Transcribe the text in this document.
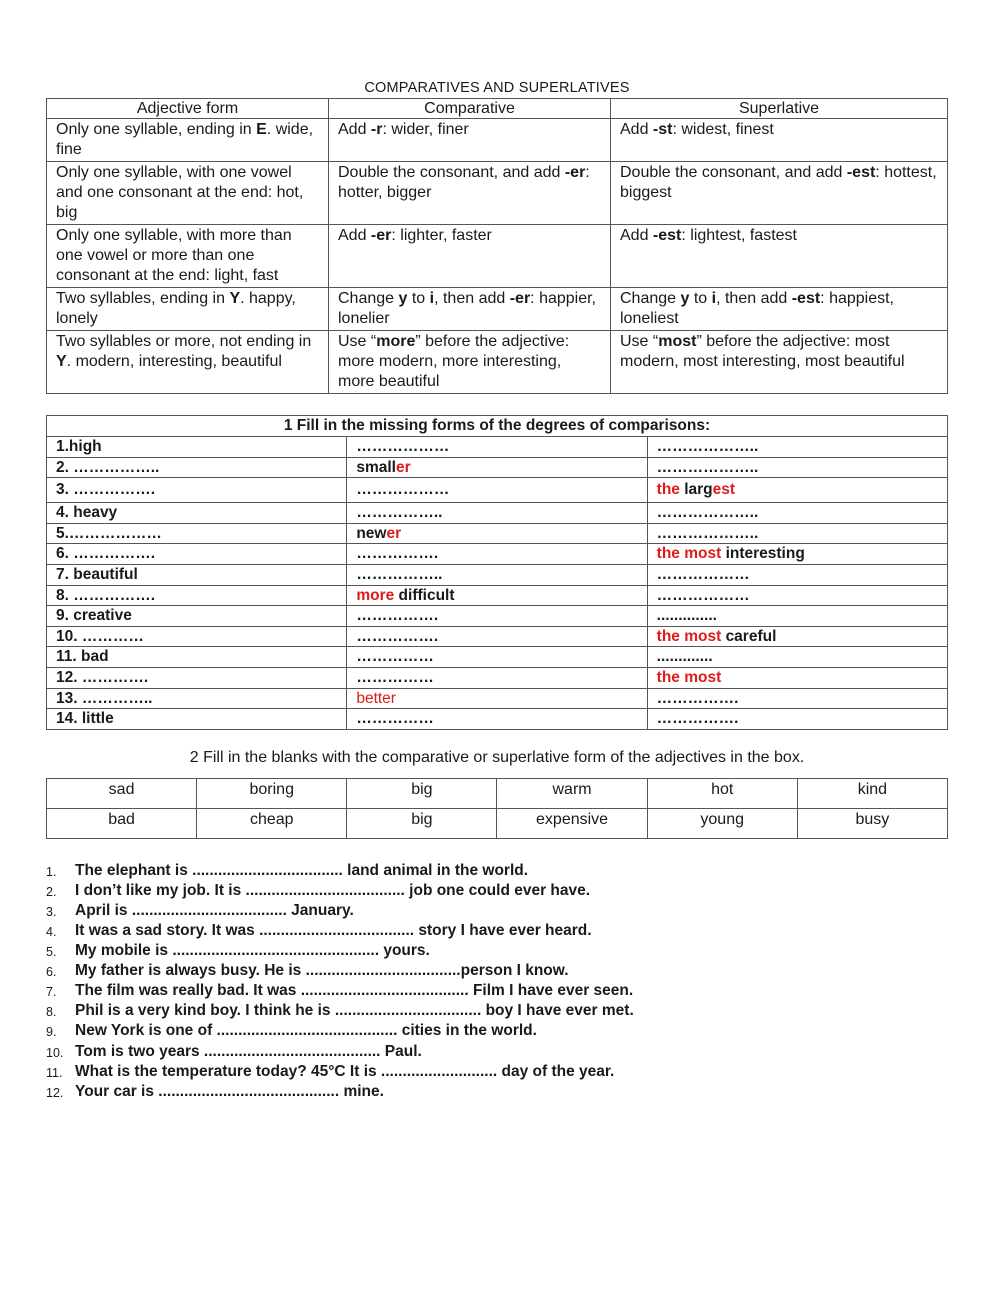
COMPARATIVES AND SUPERLATIVES
Adjective form	Comparative	Superlative
Only one syllable, ending in E. wide, fine	Add -r: wider, finer	Add -st: widest, finest
Only one syllable, with one vowel and one consonant at the end: hot, big	Double the consonant, and add -er: hotter, bigger	Double the consonant, and add -est: hottest, biggest
Only one syllable, with more than one vowel or more than one consonant at the end: light, fast	Add -er: lighter, faster	Add -est: lightest, fastest
Two syllables, ending in Y. happy, lonely	Change y to i, then add -er: happier, lonelier	Change y to i, then add -est: happiest, loneliest
Two syllables or more, not ending in Y. modern, interesting, beautiful	Use “more” before the adjective: more modern, more interesting, more beautiful	Use “most” before the adjective: most modern, most interesting, most beautiful
1 Fill in the missing forms of the degrees of comparisons:		
1.high	………………	………………..
2. ……………..	smaller	………………..
3. …………….	………………	the largest
4. heavy	……………..	………………..
5.………………	newer	………………..
6. …………….	…………….	the most interesting
7. beautiful	……………..	………………
8. …………….	more difficult	………………
9. creative	…………….	..............
10. …………	…………….	the most careful
11. bad	……………	.............
12. ………….	……………	the most
13. …………..	better	…………….
14. little	……………	…………….
2 Fill in the blanks with the comparative or superlative form of the adjectives in the box.
sad	boring	big	warm	hot	kind
bad	cheap	big	expensive	young	busy
1. The elephant is ................................... land animal in the world.
2. I don’t like my job. It is ..................................... job one could ever have.
3. April is .................................... January.
4. It was a sad story. It was .................................... story I have ever heard.
5. My mobile is ................................................ yours.
6. My father is always busy. He is ....................................person I know.
7. The film was really bad. It was ....................................... Film I have ever seen.
8. Phil is a very kind boy. I think he is .................................. boy I have ever met.
9. New York is one of .......................................... cities in the world.
10. Tom is two years ......................................... Paul.
11. What is the temperature today? 45°C It is ........................... day of the year.
12. Your car is .......................................... mine.
